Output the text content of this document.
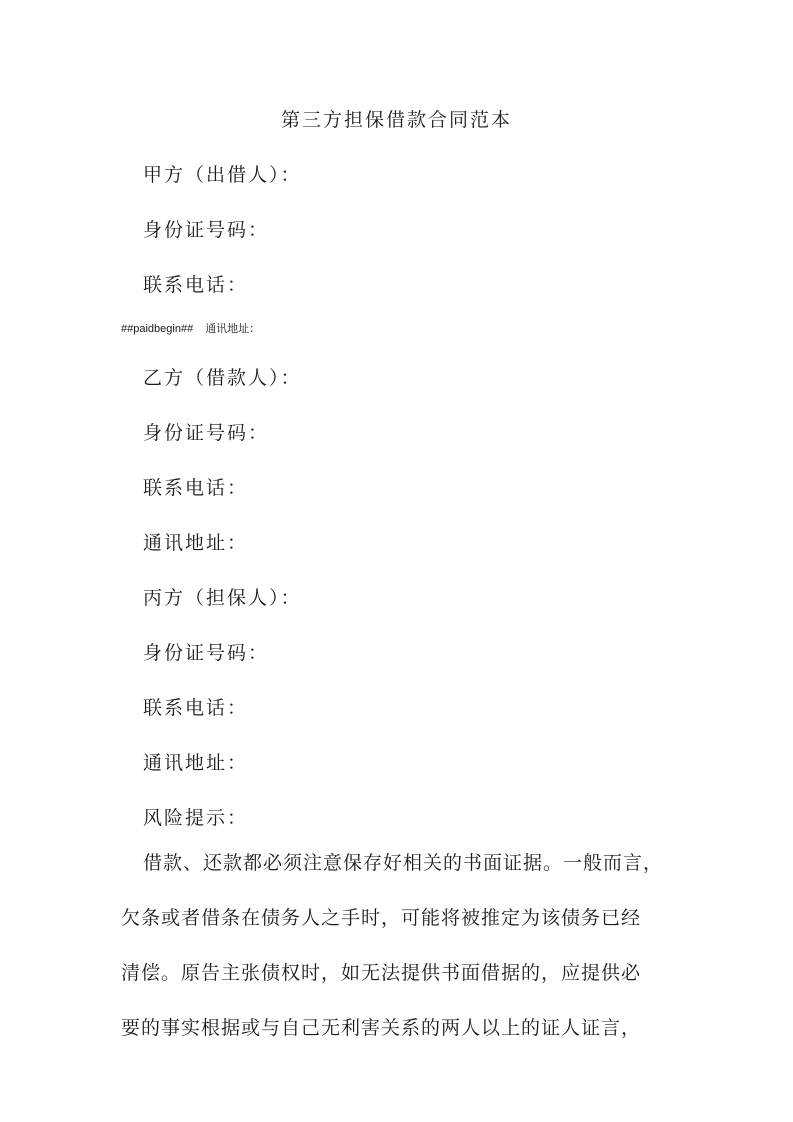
第三方担保借款合同范本
甲方（出借人）：
身份证号码：
联系电话：
##paidbegin## 通讯地址：
乙方（借款人）：
身份证号码：
联系电话：
通讯地址：
丙方（担保人）：
身份证号码：
联系电话：
通讯地址：
风险提示：
借款、还款都必须注意保存好相关的书面证据。一般而言，
欠条或者借条在债务人之手时，可能将被推定为该债务已经
清偿。原告主张债权时，如无法提供书面借据的，应提供必
要的事实根据或与自己无利害关系的两人以上的证人证言，
